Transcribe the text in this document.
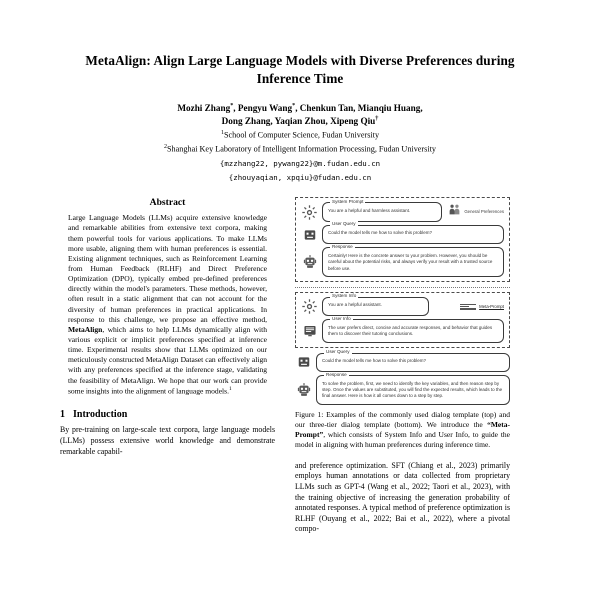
MetaAlign: Align Large Language Models with Diverse Preferences during Inference Time
Mozhi Zhang*, Pengyu Wang*, Chenkun Tan, Mianqiu Huang,
Dong Zhang, Yaqian Zhou, Xipeng Qiu†
$^1$School of Computer Science, Fudan University
$^2$Shanghai Key Laboratory of Intelligent Information Processing, Fudan University
{mzzhang22, pywang22}@m.fudan.edu.cn
{zhouyaqian, xpqiu}@fudan.edu.cn
Abstract

Large Language Models (LLMs) acquire extensive knowledge and remarkable abilities from extensive text corpora, making them powerful tools for various applications. To make LLMs more usable, aligning them with human preferences is essential. Existing alignment techniques, such as Reinforcement Learning from Human Feedback (RLHF) and Direct Preference Optimization (DPO), typically embed pre-defined preferences directly within the model's parameters. These methods, however, often result in a static alignment that can not account for the diversity of human preferences in practical applications. In response to this challenge, we propose an effective method, MetaAlign, which aims to help LLMs dynamically align with various explicit or implicit preferences specified at inference time. Experimental results show that LLMs optimized on our meticulously constructed MetaAlign Dataset can effectively align with any preferences specified at the inference stage, validating the feasibility of MetaAlign. We hope that our work can provide some insights into the alignment of language models.$^1$

1 Introduction

By pre-training on large-scale text corpora, large language models (LLMs) possess extensive world knowledge and demonstrate remarkable capabil-

System Prompt
You are a helpful and harmless assistant.	General Preferences
User Query
Could the model tells me how to solve this problem?
Response
Certainly! Here is the concrete answer to your problem. However, you should be careful about the potential risks, and always verify your result with a trusted source before use.
System Info
You are a helpful assistant.	Meta-Prompt
User Info
The user prefers direct, concise and accurate responses, and behavior that guides them to discover their tutoring conclusions.
User Query
Could the model tells me how to solve this problem?
Response
To solve the problem, first, we need to identify the key variables, and then reason step by step. Once the values are substituted, you will find the expected results, which leads to the final answer. Here is how it all comes down to a step by step.
Figure 1: Examples of the commonly used dialog template (top) and our three-tier dialog template (bottom). We introduce the “Meta-Prompt”, which consists of System Info and User Info, to guide the model in aligning with human preferences during inference time.

and preference optimization. SFT (Chiang et al., 2023) primarily employs human annotations or data collected from proprietary LLMs such as GPT-4 (Wang et al., 2022; Taori et al., 2023), with the training objective of increasing the generation probability of annotated responses. A typical method of preference optimization is RLHF (Ouyang et al., 2022; Bai et al., 2022), where a pivotal compo-
